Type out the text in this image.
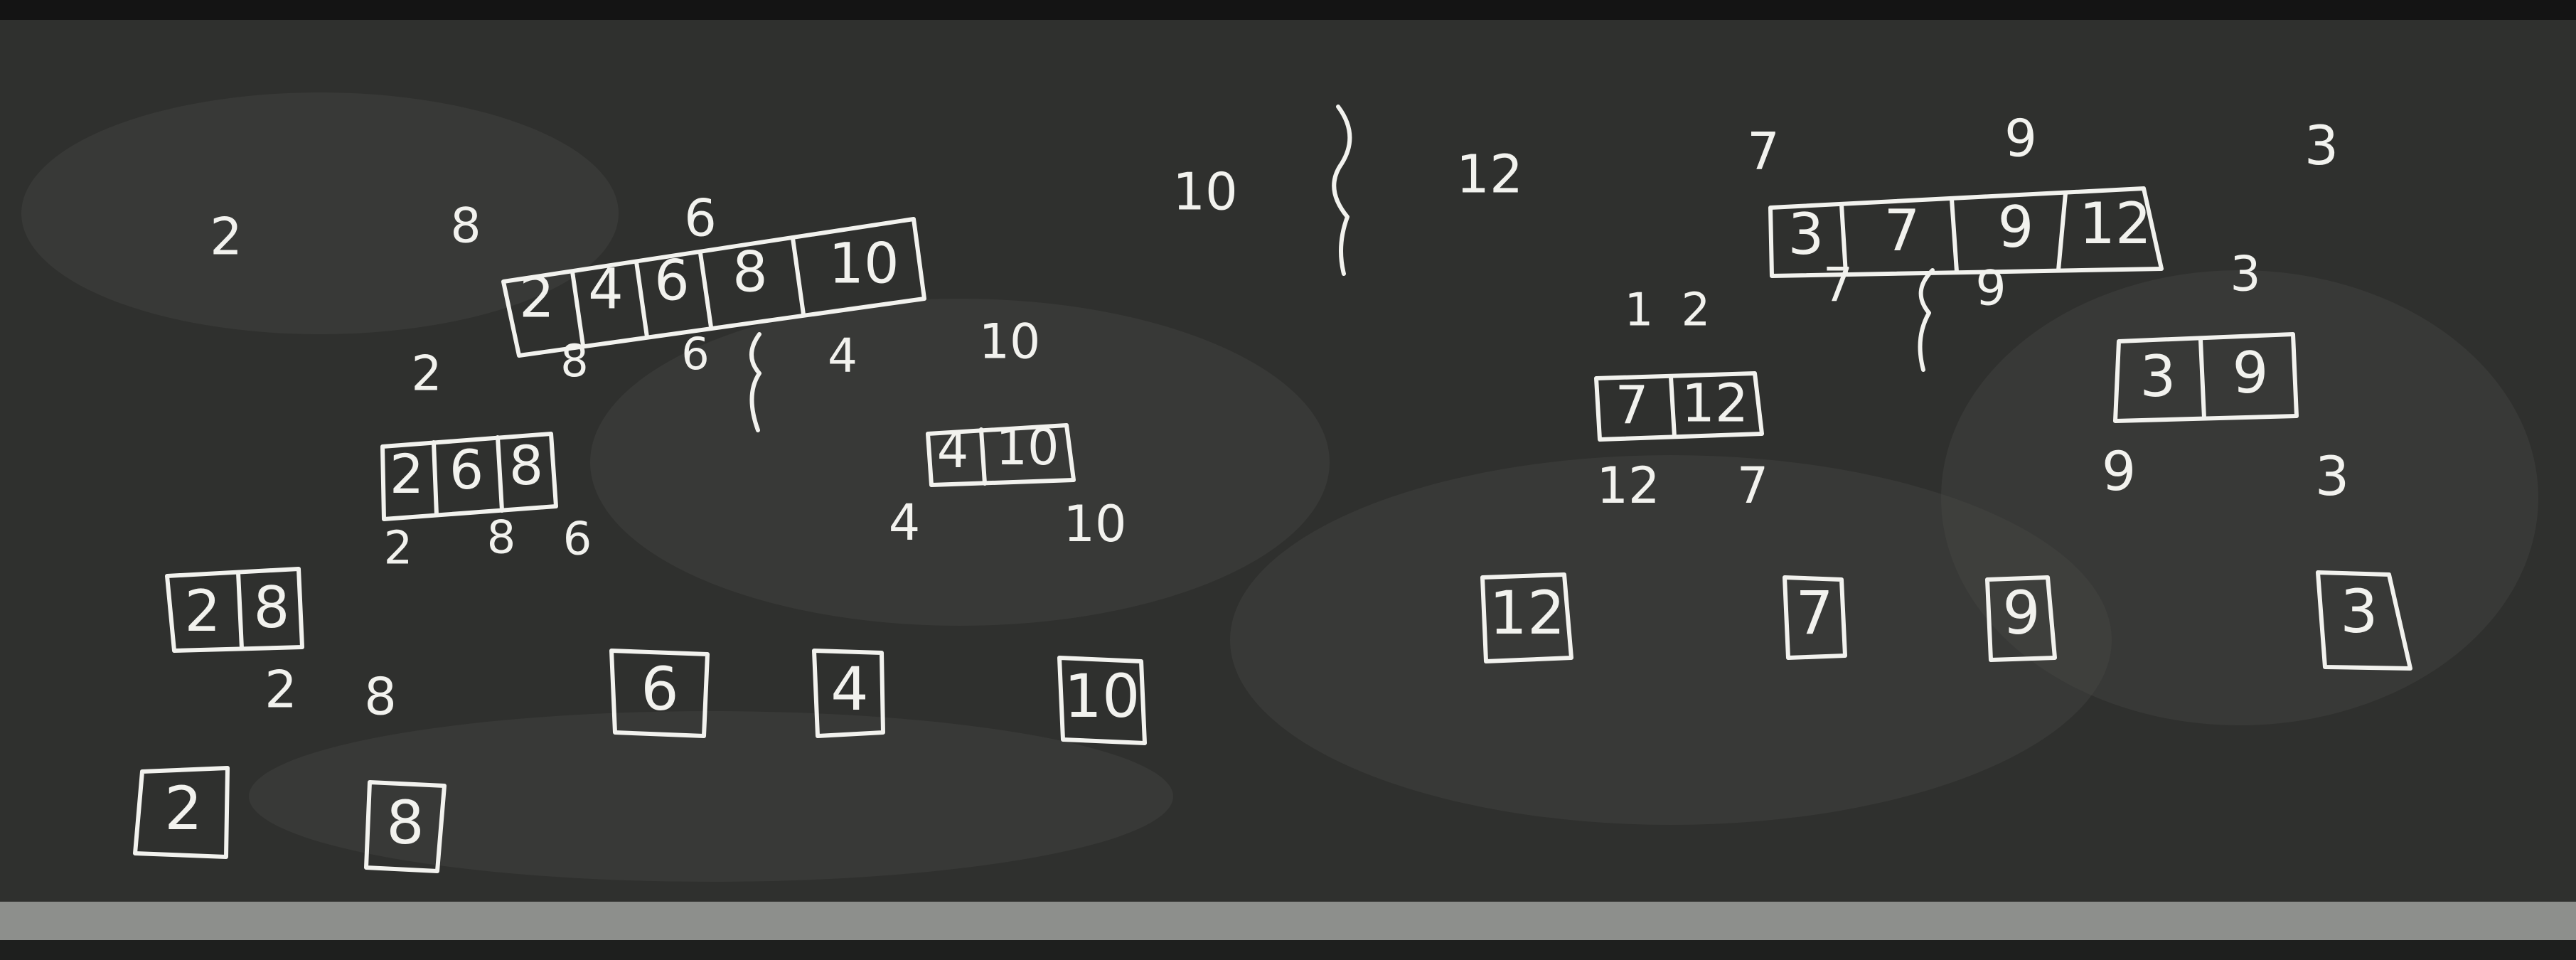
2	8	6
2 4 6 8 10
10
2	8 6	4
2 6 8
2 8 6
4 10
4	10
2 8
2 8
2	8
6	4	10
10	12	7	9	3
3 7 9 12
1 2 7	9	3
7 12
12 7
3 9
9	3
12	7	9	3
